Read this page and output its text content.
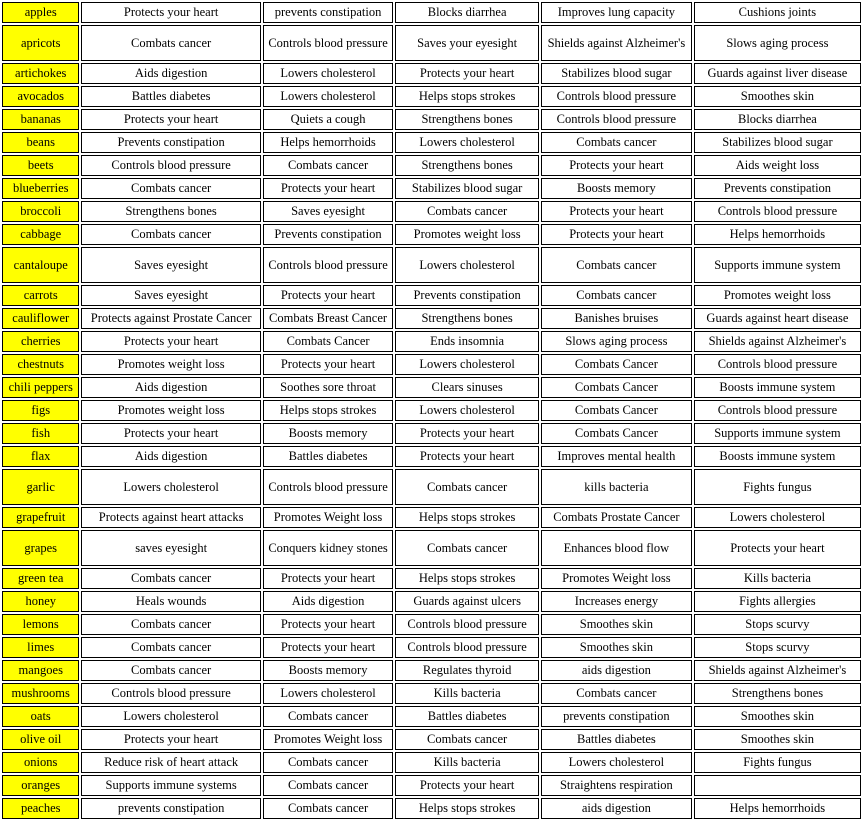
apples	Protects your heart	prevents constipation	Blocks diarrhea	Improves lung capacity	Cushions joints
apricots	Combats cancer	Controls blood pressure	Saves your eyesight	Shields against Alzheimer's	Slows aging process
artichokes	Aids digestion	Lowers cholesterol	Protects your heart	Stabilizes blood sugar	Guards against liver disease
avocados	Battles diabetes	Lowers cholesterol	Helps stops strokes	Controls blood pressure	Smoothes skin
bananas	Protects your heart	Quiets a cough	Strengthens bones	Controls blood pressure	Blocks diarrhea
beans	Prevents constipation	Helps hemorrhoids	Lowers cholesterol	Combats cancer	Stabilizes blood sugar
beets	Controls blood pressure	Combats cancer	Strengthens bones	Protects your heart	Aids weight loss
blueberries	Combats cancer	Protects your heart	Stabilizes blood sugar	Boosts memory	Prevents constipation
broccoli	Strengthens bones	Saves eyesight	Combats cancer	Protects your heart	Controls blood pressure
cabbage	Combats cancer	Prevents constipation	Promotes weight loss	Protects your heart	Helps hemorrhoids
cantaloupe	Saves eyesight	Controls blood pressure	Lowers cholesterol	Combats cancer	Supports immune system
carrots	Saves eyesight	Protects your heart	Prevents constipation	Combats cancer	Promotes weight loss
cauliflower	Protects against Prostate Cancer	Combats Breast Cancer	Strengthens bones	Banishes bruises	Guards against heart disease
cherries	Protects your heart	Combats Cancer	Ends insomnia	Slows aging process	Shields against Alzheimer's
chestnuts	Promotes weight loss	Protects your heart	Lowers cholesterol	Combats Cancer	Controls blood pressure
chili peppers	Aids digestion	Soothes sore throat	Clears sinuses	Combats Cancer	Boosts immune system
figs	Promotes weight loss	Helps stops strokes	Lowers cholesterol	Combats Cancer	Controls blood pressure
fish	Protects your heart	Boosts memory	Protects your heart	Combats Cancer	Supports immune system
flax	Aids digestion	Battles diabetes	Protects your heart	Improves mental health	Boosts immune system
garlic	Lowers cholesterol	Controls blood pressure	Combats cancer	kills bacteria	Fights fungus
grapefruit	Protects against heart attacks	Promotes Weight loss	Helps stops strokes	Combats Prostate Cancer	Lowers cholesterol
grapes	saves eyesight	Conquers kidney stones	Combats cancer	Enhances blood flow	Protects your heart
green tea	Combats cancer	Protects your heart	Helps stops strokes	Promotes Weight loss	Kills bacteria
honey	Heals wounds	Aids digestion	Guards against ulcers	Increases energy	Fights allergies
lemons	Combats cancer	Protects your heart	Controls blood pressure	Smoothes skin	Stops scurvy
limes	Combats cancer	Protects your heart	Controls blood pressure	Smoothes skin	Stops scurvy
mangoes	Combats cancer	Boosts memory	Regulates thyroid	aids digestion	Shields against Alzheimer's
mushrooms	Controls blood pressure	Lowers cholesterol	Kills bacteria	Combats cancer	Strengthens bones
oats	Lowers cholesterol	Combats cancer	Battles diabetes	prevents constipation	Smoothes skin
olive oil	Protects your heart	Promotes Weight loss	Combats cancer	Battles diabetes	Smoothes skin
onions	Reduce risk of heart attack	Combats cancer	Kills bacteria	Lowers cholesterol	Fights fungus
oranges	Supports immune systems	Combats cancer	Protects your heart	Straightens respiration	
peaches	prevents constipation	Combats cancer	Helps stops strokes	aids digestion	Helps hemorrhoids
